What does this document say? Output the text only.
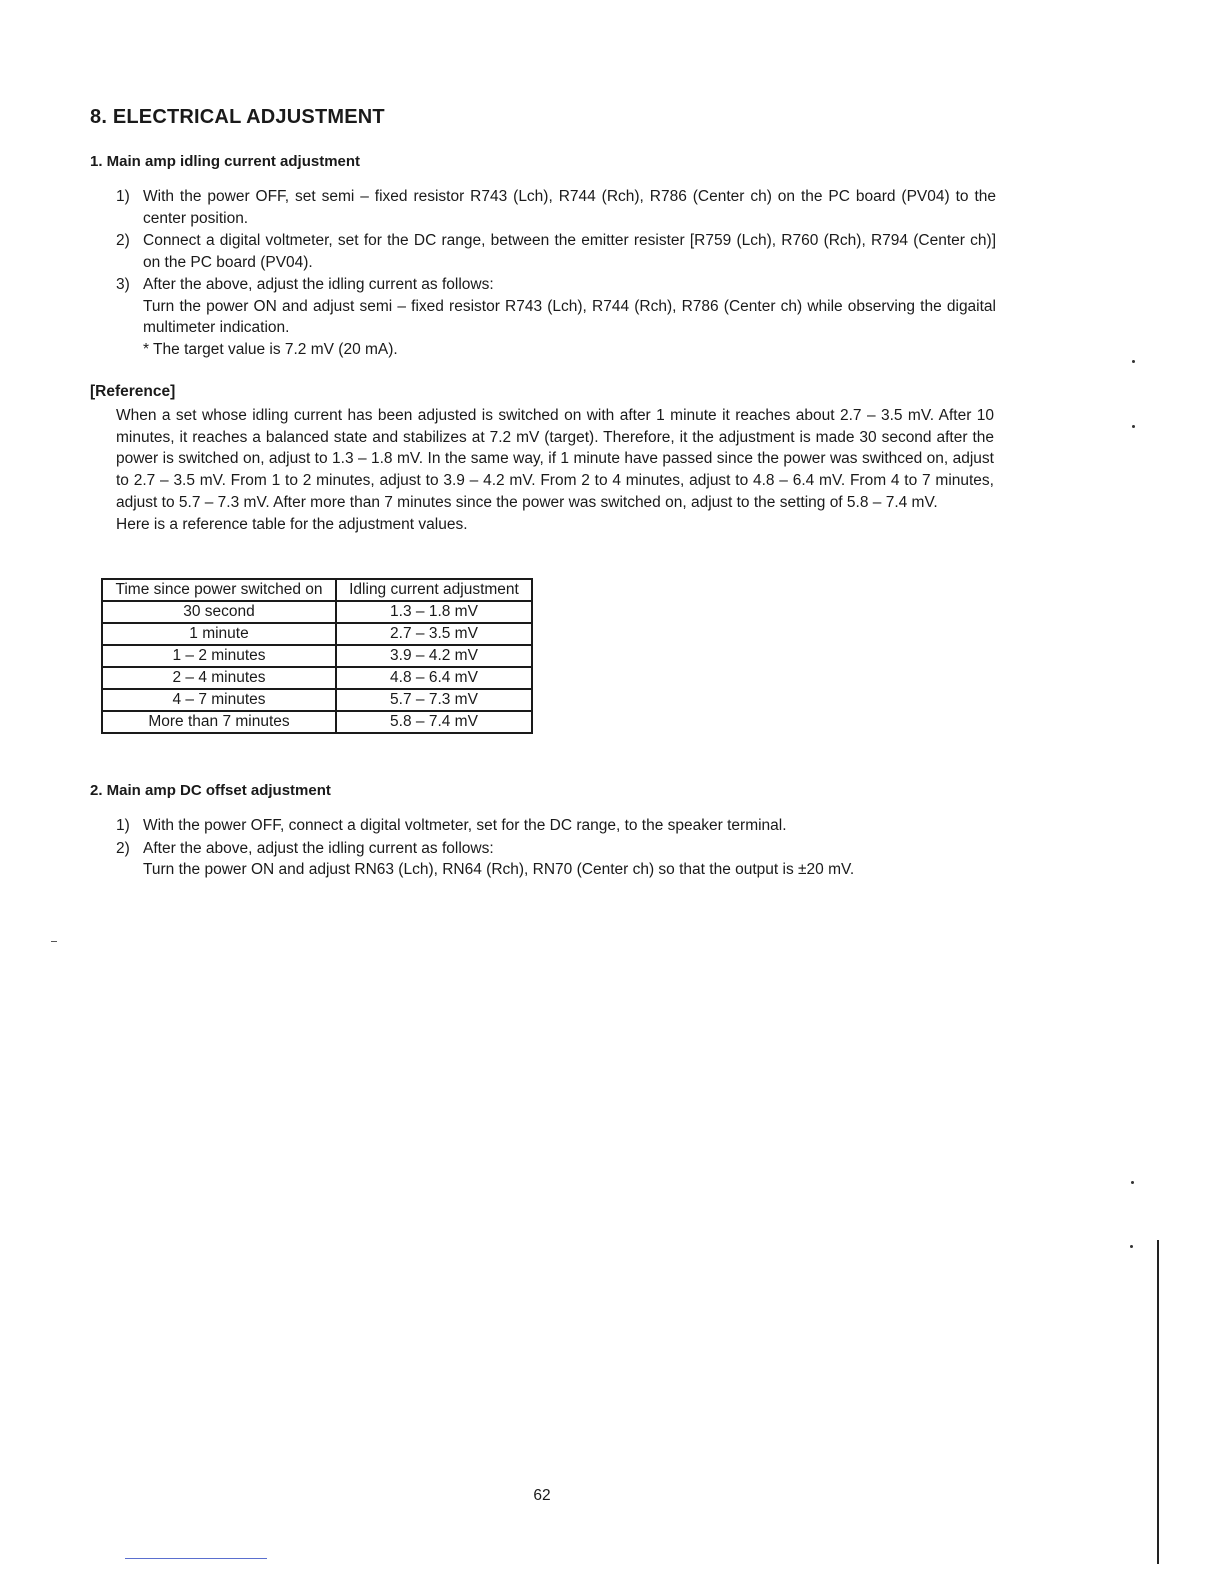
8. ELECTRICAL ADJUSTMENT
1. Main amp idling current adjustment
1) With the power OFF, set semi – fixed resistor R743 (Lch), R744 (Rch), R786 (Center ch) on the PC board (PV04) to the center position.

2) Connect a digital voltmeter, set for the DC range, between the emitter resister [R759 (Lch), R760 (Rch), R794 (Center ch)] on the PC board (PV04).

3) After the above, adjust the idling current as follows:

Turn the power ON and adjust semi – fixed resistor R743 (Lch), R744 (Rch), R786 (Center ch) while observing the digaital multimeter indication.

* The target value is 7.2 mV (20 mA).

[Reference]

When a set whose idling current has been adjusted is switched on with after 1 minute it reaches about 2.7 – 3.5 mV. After 10 minutes, it reaches a balanced state and stabilizes at 7.2 mV (target). Therefore, it the adjustment is made 30 second after the power is switched on, adjust to 1.3 – 1.8 mV. In the same way, if 1 minute have passed since the power was swithced on, adjust to 2.7 – 3.5 mV. From 1 to 2 minutes, adjust to 3.9 – 4.2 mV. From 2 to 4 minutes, adjust to 4.8 – 6.4 mV. From 4 to 7 minutes, adjust to 5.7 – 7.3 mV. After more than 7 minutes since the power was switched on, adjust to the setting of 5.8 – 7.4 mV.

Here is a reference table for the adjustment values.

Time since power switched on	Idling current adjustment
30 second	1.3 – 1.8 mV
1 minute	2.7 – 3.5 mV
1 – 2 minutes	3.9 – 4.2 mV
2 – 4 minutes	4.8 – 6.4 mV
4 – 7 minutes	5.7 – 7.3 mV
More than 7 minutes	5.8 – 7.4 mV
2. Main amp DC offset adjustment
1) With the power OFF, connect a digital voltmeter, set for the DC range, to the speaker terminal.

2) After the above, adjust the idling current as follows:

Turn the power ON and adjust RN63 (Lch), RN64 (Rch), RN70 (Center ch) so that the output is ±20 mV.

62
